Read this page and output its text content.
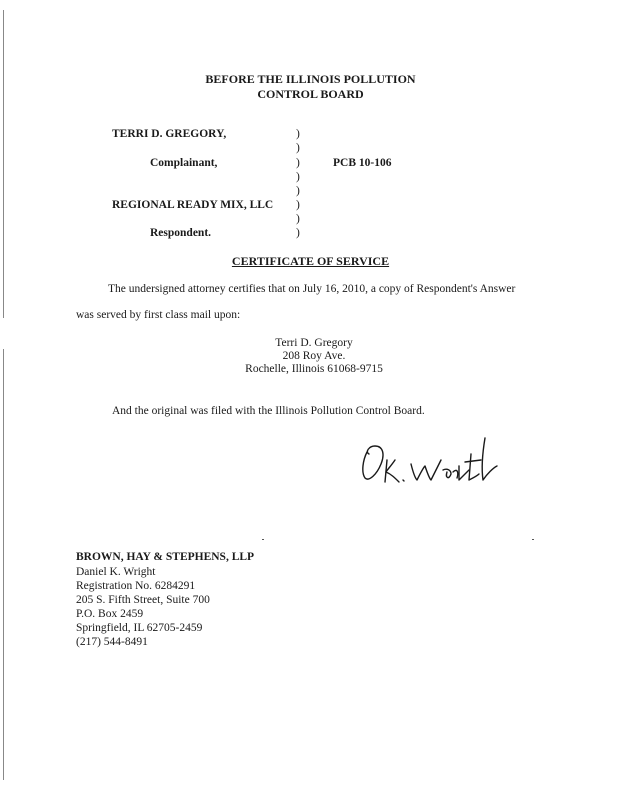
BEFORE THE ILLINOIS POLLUTION
CONTROL BOARD
TERRI D. GREGORY,
Complainant,	PCB 10-106
REGIONAL READY MIX, LLC
Respondent.
)
)
)
)
)
)
)
)
CERTIFICATE OF SERVICE
The undersigned attorney certifies that on July 16, 2010, a copy of Respondent's Answer
was served by first class mail upon:
Terri D. Gregory
208 Roy Ave.
Rochelle, Illinois 61068-9715
And the original was filed with the Illinois Pollution Control Board.
BROWN, HAY & STEPHENS, LLP
Daniel K. Wright
Registration No. 6284291
205 S. Fifth Street, Suite 700
P.O. Box 2459
Springfield, IL 62705-2459
(217) 544-8491
